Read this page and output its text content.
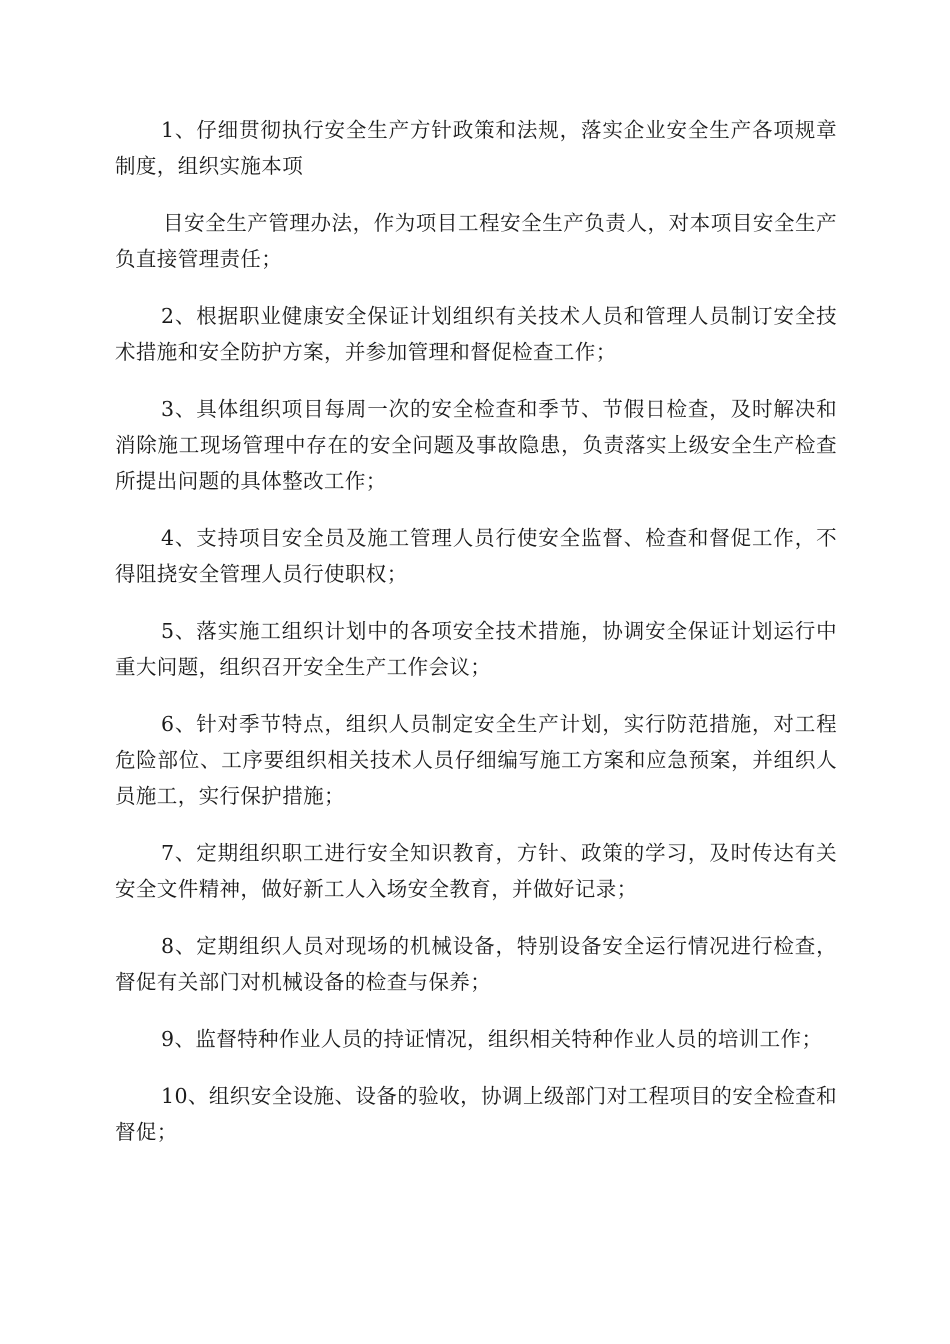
1、仔细贯彻执行安全生产方针政策和法规，落实企业安全生产各项规章制度，组织实施本项

目安全生产管理办法，作为项目工程安全生产负责人，对本项目安全生产负直接管理责任；

2、根据职业健康安全保证计划组织有关技术人员和管理人员制订安全技术措施和安全防护方案，并参加管理和督促检查工作；

3、具体组织项目每周一次的安全检查和季节、节假日检查，及时解决和消除施工现场管理中存在的安全问题及事故隐患，负责落实上级安全生产检查所提出问题的具体整改工作；

4、支持项目安全员及施工管理人员行使安全监督、检查和督促工作，不得阻挠安全管理人员行使职权；

5、落实施工组织计划中的各项安全技术措施，协调安全保证计划运行中重大问题，组织召开安全生产工作会议；

6、针对季节特点，组织人员制定安全生产计划，实行防范措施，对工程危险部位、工序要组织相关技术人员仔细编写施工方案和应急预案，并组织人员施工，实行保护措施；

7、定期组织职工进行安全知识教育，方针、政策的学习，及时传达有关安全文件精神，做好新工人入场安全教育，并做好记录；

8、定期组织人员对现场的机械设备，特别设备安全运行情况进行检查，督促有关部门对机械设备的检查与保养；

9、监督特种作业人员的持证情况，组织相关特种作业人员的培训工作；

10、组织安全设施、设备的验收，协调上级部门对工程项目的安全检查和督促；
